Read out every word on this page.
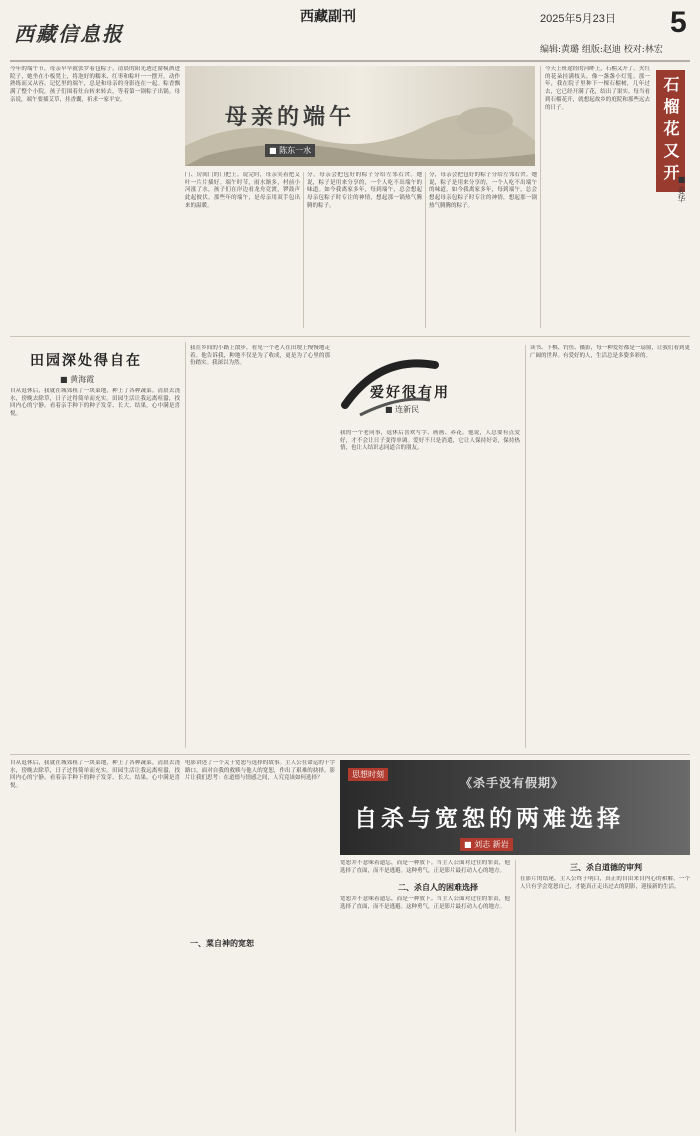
西藏信息报
西藏副刊	2025年5月23日 5
编辑:黄璐 组版:赵迪 校对:林宏
今年的端午节，母亲早早就张罗着包粽子。清晨的阳光透过窗棂洒进院子，她坐在小板凳上，将泡好的糯米、红枣和粽叶一一摆开，动作熟练而又从容。记忆里的端午，总是和母亲的身影连在一起。粽香飘满了整个小院，孩子们围着灶台转来转去，等着第一锅粽子出锅。母亲说，端午要插艾草、挂香囊，祈求一家平安。
母亲的端午
■ 陈东一水
门、房间门的门把上。说完时，母亲笑着把艾叶一片片插好。端午时节，雨水渐多，村前小河涨了水，孩子们在岸边看龙舟竞渡，锣鼓声此起彼伏。那些年的端午，是母亲用双手包出来的温暖。
分，母亲会把包好的粽子分给左邻右舍。她说，粽子是用来分享的，一个人吃不出端午的味道。如今我离家多年，每到端午，总会想起母亲包粽子时专注的神情，想起那一锅热气腾腾的粽子。
分，母亲会把包好的粽子分给左邻右舍。她说，粽子是用来分享的，一个人吃不出端午的味道。如今我离家多年，每到端午，总会想起母亲包粽子时专注的神情，想起那一锅热气腾腾的粽子。
今天上班途经的河畔上，石榴又开了。火红的花朵挂满枝头，像一盏盏小灯笼。那一年，我在院子里种下一棵石榴树，几年过去，它已经开满了花，结出了果实。每当看到石榴花开，就想起故乡的庭院和那些远去的日子。	石榴花又开
■ 姜华
田园深处得自在
■ 黄海霞
自从退休后，我就在城郊租了一块菜地，种上了各种蔬菜。清晨去浇水，傍晚去除草，日子过得简单而充实。田园生活让我远离喧嚣，找回内心的宁静。看着亲手种下的种子发芽、长大、结果，心中满是喜悦。
我在乡间的小路上散步，看见一个老人在田埂上慢慢地走着。他告诉我，种地不仅是为了收成，更是为了心里的那份踏实。我深以为然。
爱好很有用
■ 连新民
我的一个老同事，退休后喜欢写字、画画、养花。他说，人总要有点爱好，才不会让日子变得单调。爱好不只是消遣，它让人保持好奇，保持热情，也让人结识志同道合的朋友。
读书、下棋、钓鱼、摄影，每一种爱好都是一扇窗，让我们看到更广阔的世界。有爱好的人，生活总是多姿多彩的。
电影讲述了一个关于宽恕与选择的故事。主人公在命运的十字路口，面对自我的救赎与他人的宽恕，作出了艰难的抉择。影片让我们思考：在道德与情感之间，人究竟该如何选择？	思想时刻
《杀手没有假期》
自杀与宽恕的两难选择
■ 刘志 新岩
一、菜自神的宽恕
二、杀自人的困难选择
三、杀自道德的审判
宽恕并不意味着遗忘，而是一种放下。当主人公面对过往的罪责，他选择了直面，而不是逃避。这种勇气，正是影片最打动人心的地方。
宽恕并不意味着遗忘，而是一种放下。当主人公面对过往的罪责，他选择了直面，而不是逃避。这种勇气，正是影片最打动人心的地方。
在影片的结尾，主人公终于明白，真正的自由来自内心的和解。一个人只有学会宽恕自己，才能真正走出过去的阴影，迎接新的生活。
自从退休后，我就在城郊租了一块菜地，种上了各种蔬菜。清晨去浇水，傍晚去除草，日子过得简单而充实。田园生活让我远离喧嚣，找回内心的宁静。看着亲手种下的种子发芽、长大、结果，心中满是喜悦。
